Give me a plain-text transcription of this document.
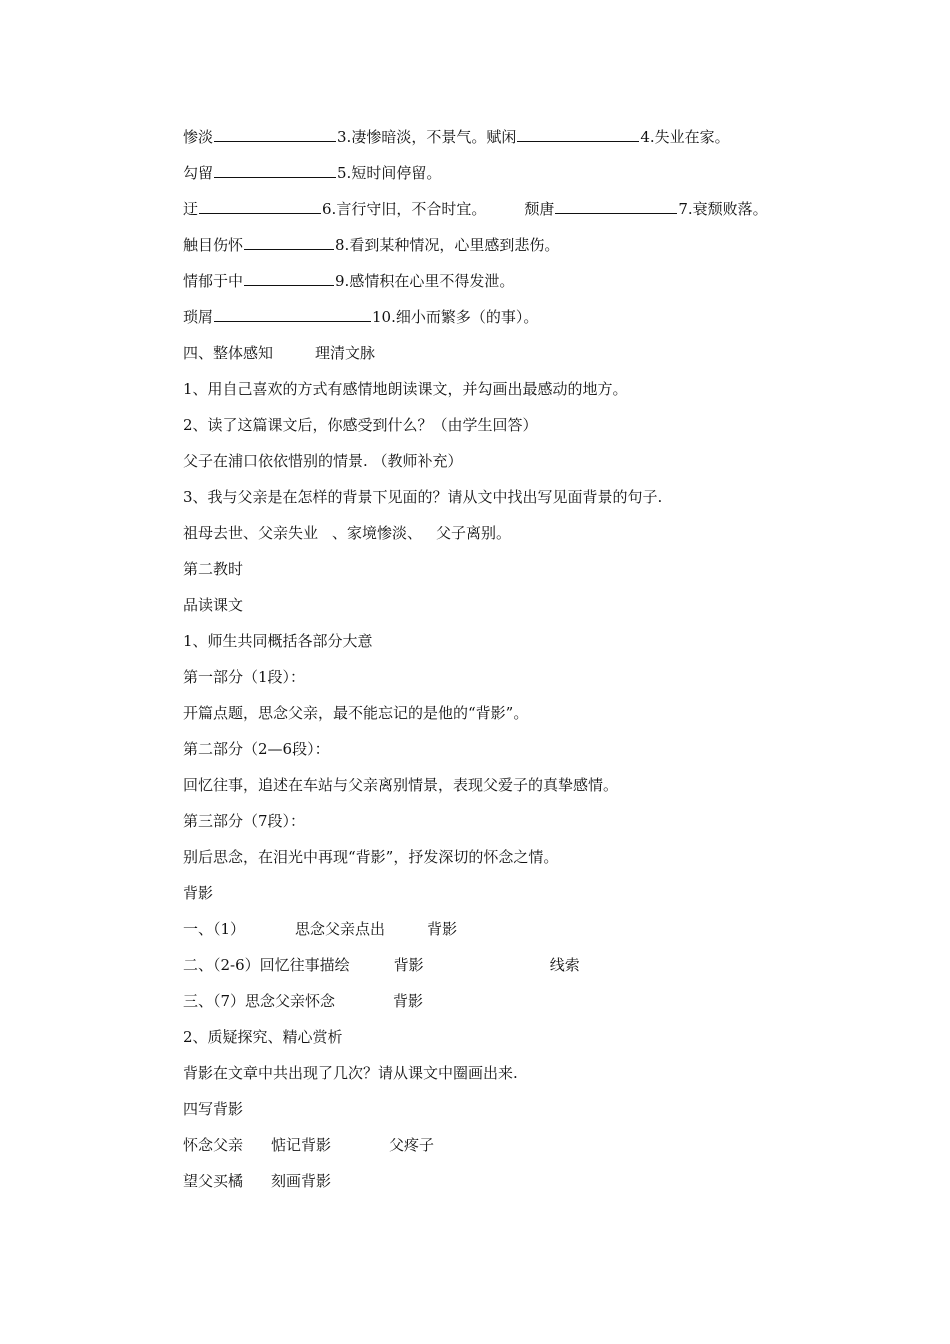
惨淡	3.凄惨暗淡，不景气。赋闲	4.失业在家。
勾留	5.短时间停留。
迂	6.言行守旧，不合时宜。	颓唐	7.衰颓败落。
触目伤怀	8.看到某种情况，心里感到悲伤。
情郁于中	9.感情积在心里不得发泄。
琐屑	10.细小而繁多（的事）。
四、整体感知	理清文脉
1、用自己喜欢的方式有感情地朗读课文，并勾画出最感动的地方。
2、读了这篇课文后，你感受到什么？（由学生回答）
父子在浦口依依惜别的情景. （教师补充）
3、我与父亲是在怎样的背景下见面的？请从文中找出写见面背景的句子.
祖母去世、父亲失业 、家境惨淡、 父子离别。
第二教时
品读课文
1、师生共同概括各部分大意
第一部分（1段）：
开篇点题，思念父亲，最不能忘记的是他的“背影”。
第二部分（2—6段）：
回忆往事，追述在车站与父亲离别情景，表现父爱子的真挚感情。
第三部分（7段）：
别后思念，在泪光中再现“背影”，抒发深切的怀念之情。
背影
一、（1）	思念父亲点出	背影
二、（2-6）回忆往事描绘	背影	线索
三、（7）思念父亲怀念	背影
2、质疑探究、精心赏析
背影在文章中共出现了几次？请从课文中圈画出来.
四写背影
怀念父亲 惦记背影	父疼子
望父买橘 刻画背影
